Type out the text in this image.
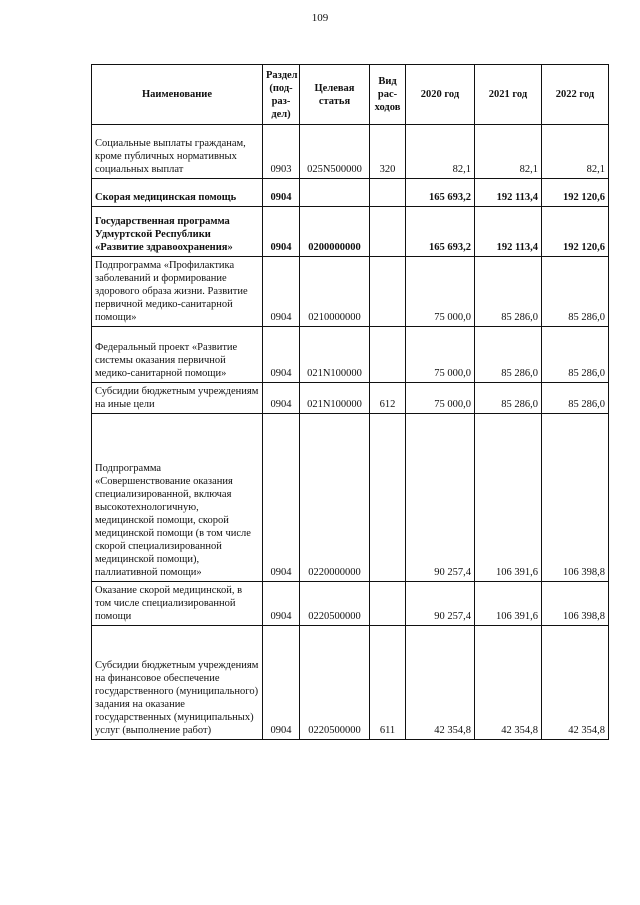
109
Наименование	Раздел (под-раз-дел)	Целевая статья	Вид рас-ходов	2020 год	2021 год	2022 год
Социальные выплаты гражданам, кроме публичных нормативных социальных выплат	0903	025N500000	320	82,1	82,1	82,1
Скорая медицинская помощь	0904			165 693,2	192 113,4	192 120,6
Государственная программа Удмуртской Республики «Развитие здравоохранения»	0904	0200000000		165 693,2	192 113,4	192 120,6
Подпрограмма «Профилактика заболеваний и формирование здорового образа жизни. Развитие первичной медико-санитарной помощи»	0904	0210000000		75 000,0	85 286,0	85 286,0
Федеральный проект «Развитие системы оказания первичной медико-санитарной помощи»	0904	021N100000		75 000,0	85 286,0	85 286,0
Субсидии бюджетным учреждениям на иные цели	0904	021N100000	612	75 000,0	85 286,0	85 286,0
Подпрограмма «Совершенствование оказания специализированной, включая высокотехнологичную, медицинской помощи, скорой медицинской помощи (в том числе скорой специализированной медицинской помощи), паллиативной помощи»	0904	0220000000		90 257,4	106 391,6	106 398,8
Оказание скорой медицинской, в том числе специализированной помощи	0904	0220500000		90 257,4	106 391,6	106 398,8
Субсидии бюджетным учреждениям на финансовое обеспечение государственного (муниципального) задания на оказание государственных (муниципальных) услуг (выполнение работ)	0904	0220500000	611	42 354,8	42 354,8	42 354,8
